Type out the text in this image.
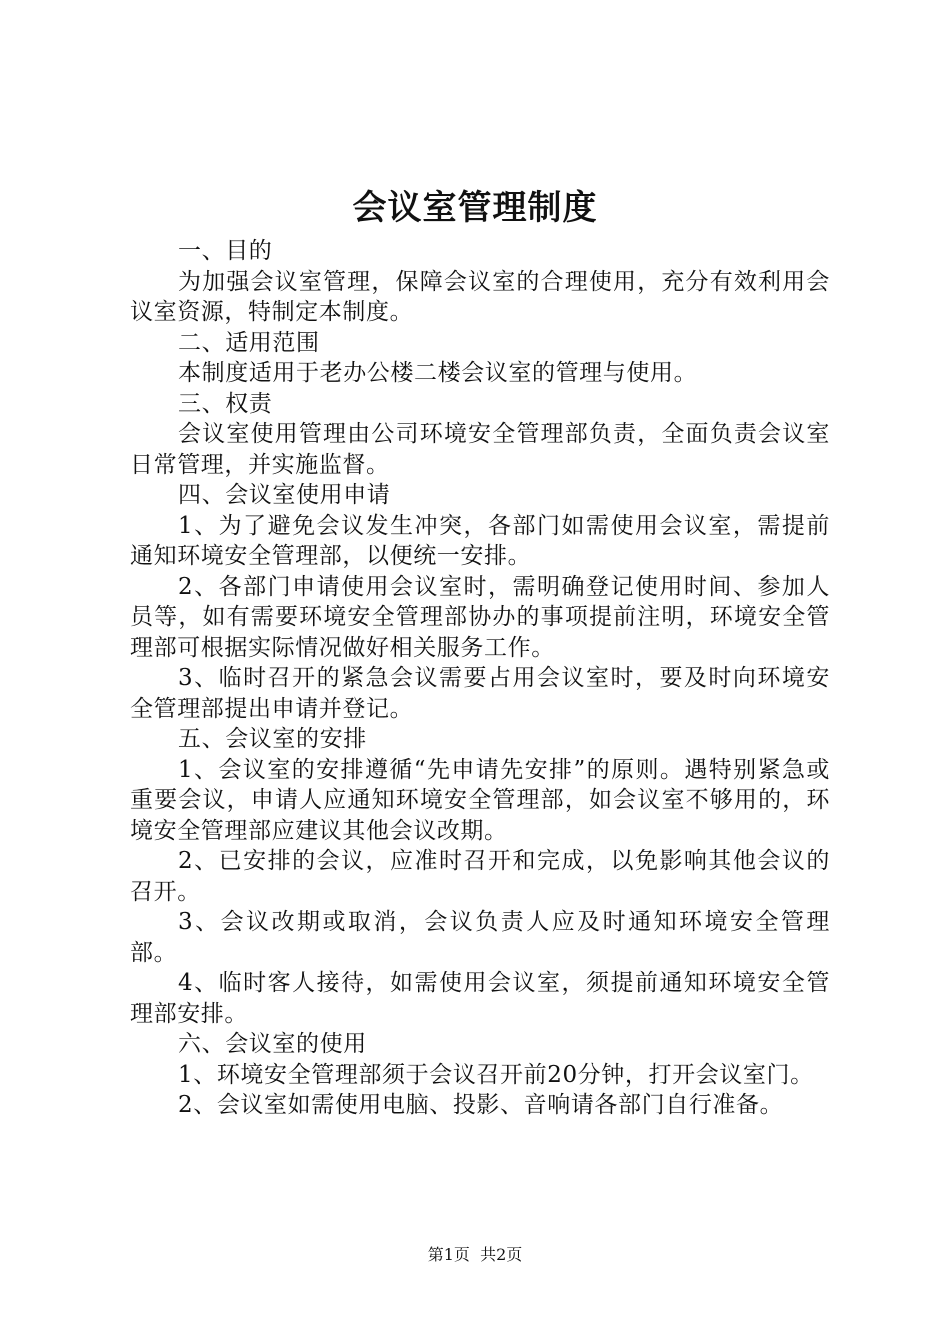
会议室管理制度

一、目的

为加强会议室管理，保障会议室的合理使用，充分有效利用会议室资源，特制定本制度。

二、适用范围

本制度适用于老办公楼二楼会议室的管理与使用。

三、权责

会议室使用管理由公司环境安全管理部负责，全面负责会议室日常管理，并实施监督。

四、会议室使用申请

1、为了避免会议发生冲突，各部门如需使用会议室，需提前通知环境安全管理部，以便统一安排。

2、各部门申请使用会议室时，需明确登记使用时间、参加人员等，如有需要环境安全管理部协办的事项提前注明，环境安全管理部可根据实际情况做好相关服务工作。

3、临时召开的紧急会议需要占用会议室时，要及时向环境安全管理部提出申请并登记。

五、会议室的安排

1、会议室的安排遵循“先申请先安排”的原则。遇特别紧急或重要会议，申请人应通知环境安全管理部，如会议室不够用的，环境安全管理部应建议其他会议改期。

2、已安排的会议，应准时召开和完成，以免影响其他会议的召开。

3、会议改期或取消，会议负责人应及时通知环境安全管理部。

4、临时客人接待，如需使用会议室，须提前通知环境安全管理部安排。

六、会议室的使用

1、环境安全管理部须于会议召开前20分钟，打开会议室门。

2、会议室如需使用电脑、投影、音响请各部门自行准备。

第1页 共2页
